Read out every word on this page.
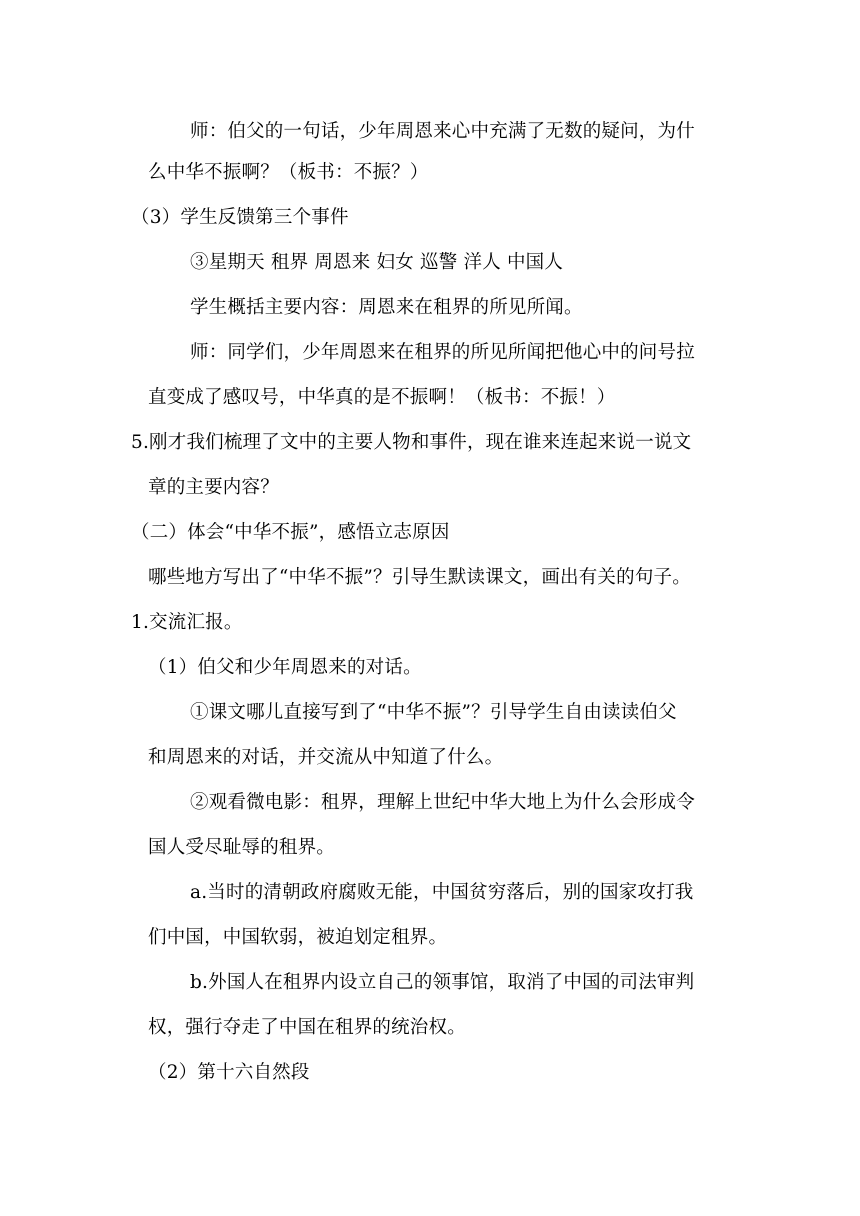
师：伯父的一句话，少年周恩来心中充满了无数的疑问，为什
么中华不振啊？（板书：不振？）
（3）学生反馈第三个事件
③星期天 租界 周恩来 妇女 巡警 洋人 中国人
学生概括主要内容：周恩来在租界的所见所闻。
师：同学们，少年周恩来在租界的所见所闻把他心中的问号拉
直变成了感叹号，中华真的是不振啊！（板书：不振！）
5.刚才我们梳理了文中的主要人物和事件，现在谁来连起来说一说文
章的主要内容？
（二）体会“中华不振”，感悟立志原因
哪些地方写出了“中华不振”？引导生默读课文，画出有关的句子。
1.交流汇报。
（1）伯父和少年周恩来的对话。
①课文哪儿直接写到了“中华不振”？引导学生自由读读伯父
和周恩来的对话，并交流从中知道了什么。
②观看微电影：租界，理解上世纪中华大地上为什么会形成令
国人受尽耻辱的租界。
a.当时的清朝政府腐败无能，中国贫穷落后，别的国家攻打我
们中国，中国软弱，被迫划定租界。
b.外国人在租界内设立自己的领事馆，取消了中国的司法审判
权，强行夺走了中国在租界的统治权。
（2）第十六自然段
